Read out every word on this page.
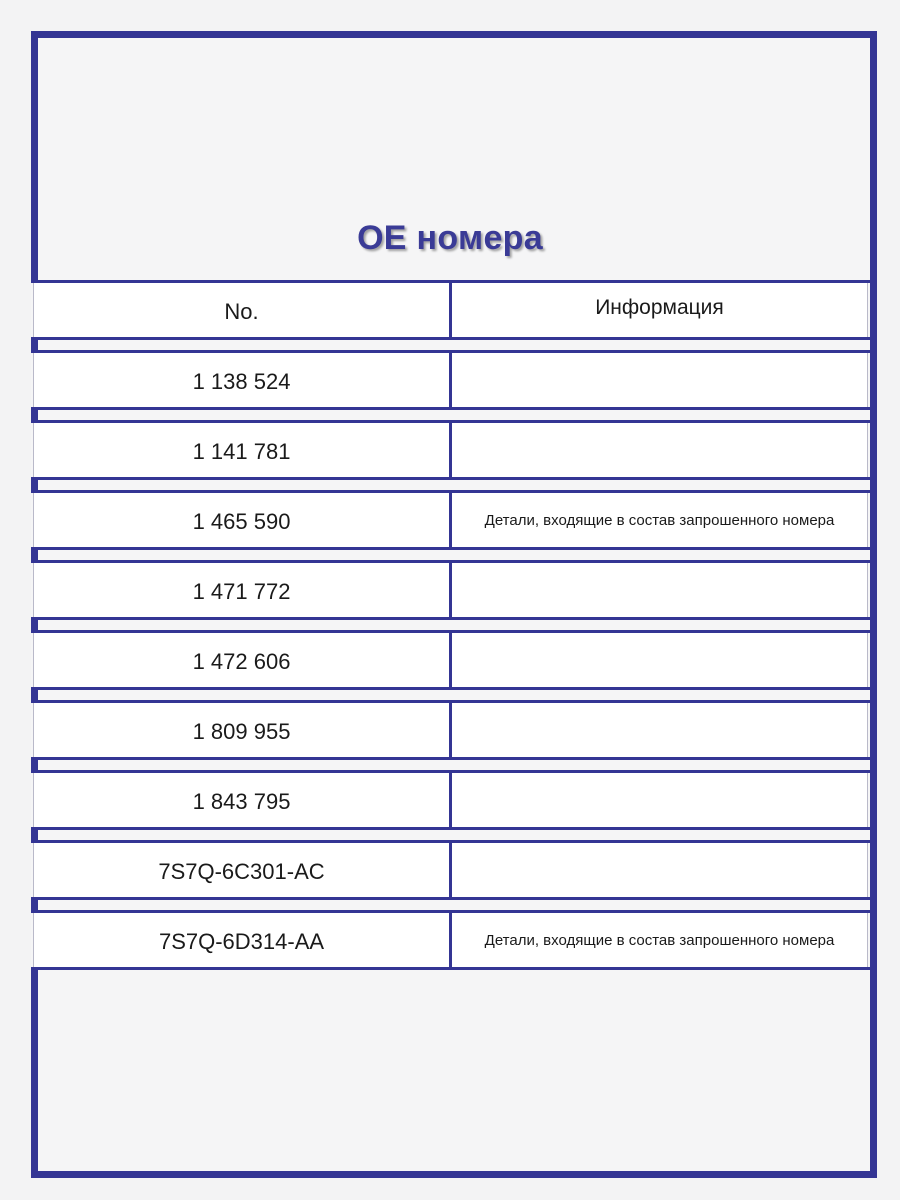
OE номера
No.	Информация
1 138 524
1 141 781
1 465 590	Детали, входящие в состав запрошенного номера
1 471 772
1 472 606
1 809 955
1 843 795
7S7Q-6C301-AC
7S7Q-6D314-AA	Детали, входящие в состав запрошенного номера
